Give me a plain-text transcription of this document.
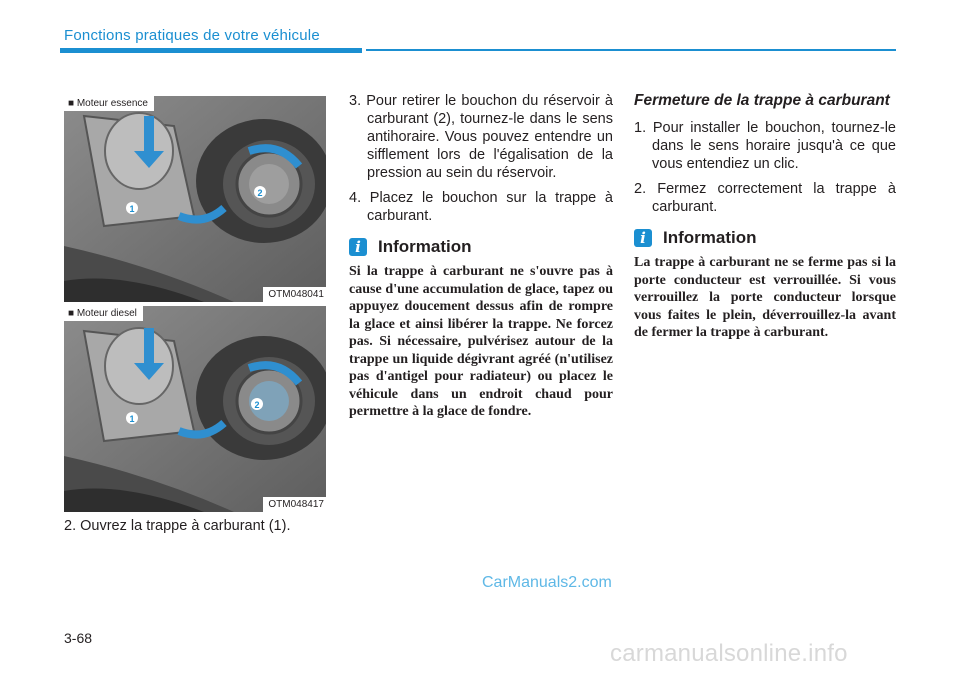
Fonctions pratiques de votre véhicule
1
2
■ Moteur essence
OTM048041
1
2
■ Moteur diesel
OTM048417
2. Ouvrez la trappe à carburant (1).

3. Pour retirer le bouchon du réservoir à carburant (2), tournez-le dans le sens antihoraire. Vous pouvez entendre un sifflement lors de l'égalisation de la pression au sein du réservoir.

4. Placez le bouchon sur la trappe à carburant.

i	Information

Si la trappe à carburant ne s'ouvre pas à cause d'une accumulation de glace, tapez ou appuyez doucement dessus afin de rompre la glace et ainsi libérer la trappe. Ne forcez pas. Si nécessaire, pulvérisez autour de la trappe un liquide dégivrant agréé (n'utilisez pas d'antigel pour radiateur) ou placez le véhicule dans un endroit chaud pour permettre à la glace de fondre.

Fermeture de la trappe à carburant

1. Pour installer le bouchon, tournez-le dans le sens horaire jusqu'à ce que vous entendiez un clic.

2. Fermez correctement la trappe à carburant.

i	Information

La trappe à carburant ne se ferme pas si la porte conducteur est verrouillée. Si vous verrouillez la porte conducteur lorsque vous faites le plein, déverrouillez-la avant de fermer la trappe à carburant.

CarManuals2.com
3-68
carmanualsonline.info
